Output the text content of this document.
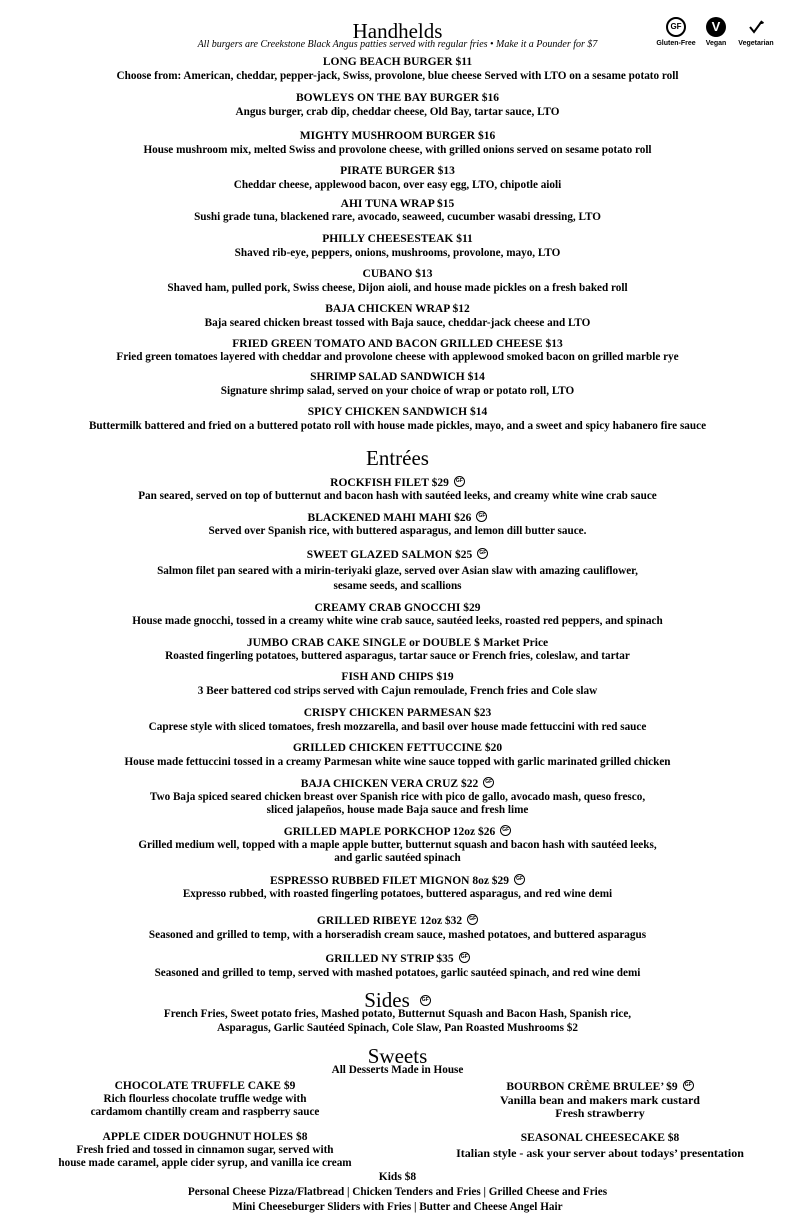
GF
Gluten-Free
V
Vegan	Vegetarian
Handhelds
All burgers are Creekstone Black Angus patties served with regular fries • Make it a Pounder for $7
LONG BEACH BURGER $11
Choose from: American, cheddar, pepper-jack, Swiss, provolone, blue cheese Served with LTO on a sesame potato roll
BOWLEYS ON THE BAY BURGER $16
Angus burger, crab dip, cheddar cheese, Old Bay, tartar sauce, LTO
MIGHTY MUSHROOM BURGER $16
House mushroom mix, melted Swiss and provolone cheese, with grilled onions served on sesame potato roll
PIRATE BURGER $13
Cheddar cheese, applewood bacon, over easy egg, LTO, chipotle aioli
AHI TUNA WRAP $15
Sushi grade tuna, blackened rare, avocado, seaweed, cucumber wasabi dressing, LTO
PHILLY CHEESESTEAK $11
Shaved rib-eye, peppers, onions, mushrooms, provolone, mayo, LTO
CUBANO $13
Shaved ham, pulled pork, Swiss cheese, Dijon aioli, and house made pickles on a fresh baked roll
BAJA CHICKEN WRAP $12
Baja seared chicken breast tossed with Baja sauce, cheddar-jack cheese and LTO
FRIED GREEN TOMATO AND BACON GRILLED CHEESE $13
Fried green tomatoes layered with cheddar and provolone cheese with applewood smoked bacon on grilled marble rye
SHRIMP SALAD SANDWICH $14
Signature shrimp salad, served on your choice of wrap or potato roll, LTO
SPICY CHICKEN SANDWICH $14
Buttermilk battered and fried on a buttered potato roll with house made pickles, mayo, and a sweet and spicy habanero fire sauce
Entrées
ROCKFISH FILET $29 GF
Pan seared, served on top of butternut and bacon hash with sautéed leeks, and creamy white wine crab sauce
BLACKENED MAHI MAHI $26 GF
Served over Spanish rice, with buttered asparagus, and lemon dill butter sauce.
SWEET GLAZED SALMON $25 GF
Salmon filet pan seared with a mirin-teriyaki glaze, served over Asian slaw with amazing cauliflower,
sesame seeds, and scallions
CREAMY CRAB GNOCCHI $29
House made gnocchi, tossed in a creamy white wine crab sauce, sautéed leeks, roasted red peppers, and spinach
JUMBO CRAB CAKE SINGLE or DOUBLE $ Market Price
Roasted fingerling potatoes, buttered asparagus, tartar sauce or French fries, coleslaw, and tartar
FISH AND CHIPS $19
3 Beer battered cod strips served with Cajun remoulade, French fries and Cole slaw
CRISPY CHICKEN PARMESAN $23
Caprese style with sliced tomatoes, fresh mozzarella, and basil over house made fettuccini with red sauce
GRILLED CHICKEN FETTUCCINE $20
House made fettuccini tossed in a creamy Parmesan white wine sauce topped with garlic marinated grilled chicken
BAJA CHICKEN VERA CRUZ $22 GF
Two Baja spiced seared chicken breast over Spanish rice with pico de gallo, avocado mash, queso fresco,
sliced jalapeños, house made Baja sauce and fresh lime
GRILLED MAPLE PORKCHOP 12oz $26 GF
Grilled medium well, topped with a maple apple butter, butternut squash and bacon hash with sautéed leeks,
and garlic sautéed spinach
ESPRESSO RUBBED FILET MIGNON 8oz $29 GF
Expresso rubbed, with roasted fingerling potatoes, buttered asparagus, and red wine demi
GRILLED RIBEYE 12oz $32 GF
Seasoned and grilled to temp, with a horseradish cream sauce, mashed potatoes, and buttered asparagus
GRILLED NY STRIP $35 GF
Seasoned and grilled to temp, served with mashed potatoes, garlic sautéed spinach, and red wine demi
Sides GF
French Fries, Sweet potato fries, Mashed potato, Butternut Squash and Bacon Hash, Spanish rice,
Asparagus, Garlic Sautéed Spinach, Cole Slaw, Pan Roasted Mushrooms $2
Sweets
All Desserts Made in House
CHOCOLATE TRUFFLE CAKE $9
Rich flourless chocolate truffle wedge with
cardamom chantilly cream and raspberry sauce
APPLE CIDER DOUGHNUT HOLES $8
Fresh fried and tossed in cinnamon sugar, served with
house made caramel, apple cider syrup, and vanilla ice cream
BOURBON CRÈME BRULEE’ $9 GF
Vanilla bean and makers mark custard
Fresh strawberry
SEASONAL CHEESECAKE $8
Italian style - ask your server about todays’ presentation
Kids $8
Personal Cheese Pizza/Flatbread | Chicken Tenders and Fries | Grilled Cheese and Fries
Mini Cheeseburger Sliders with Fries | Butter and Cheese Angel Hair
